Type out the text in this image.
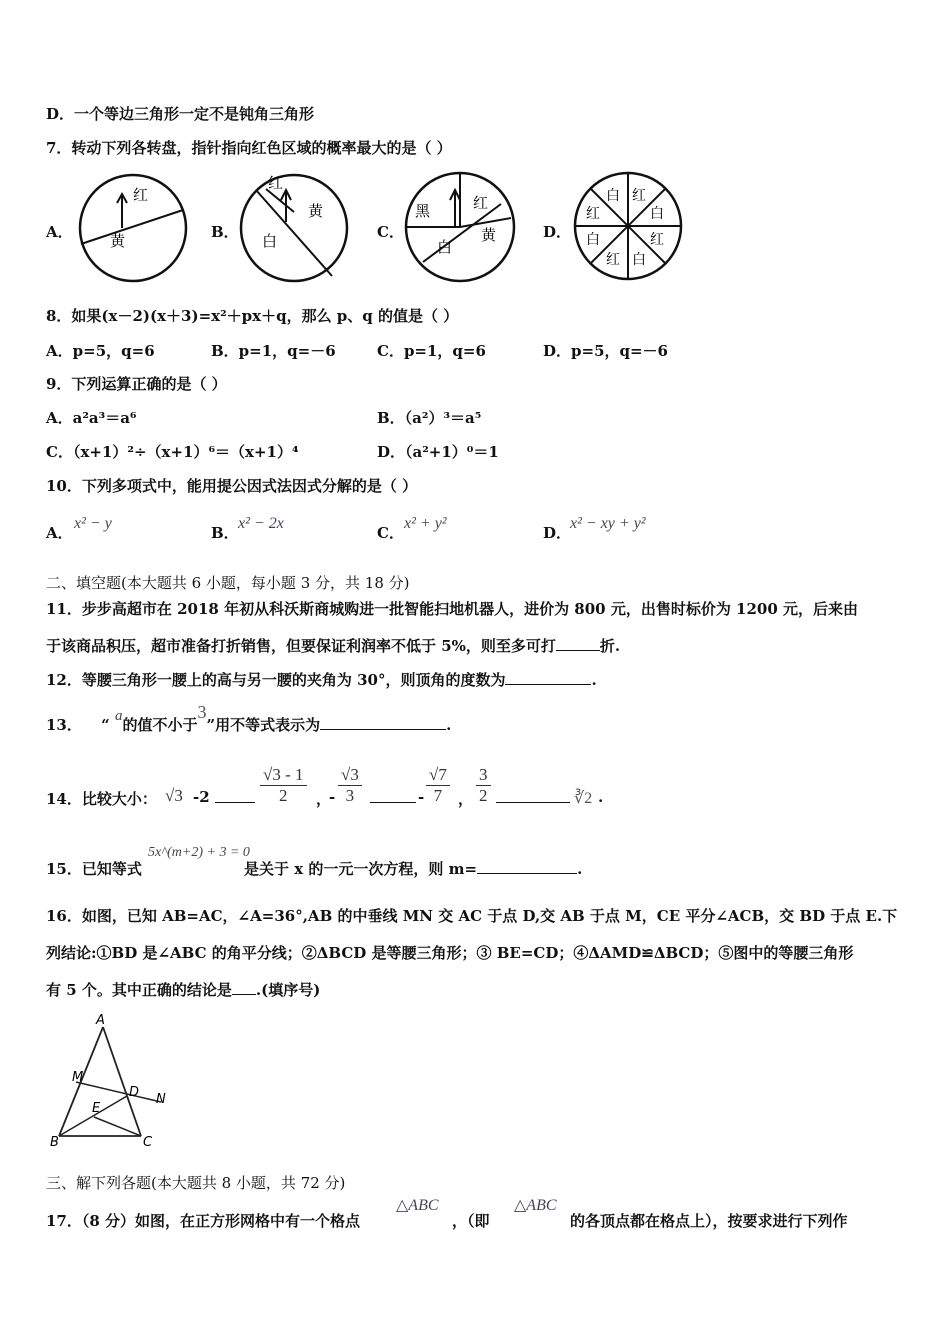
D．一个等边三角形一定不是钝角三角形
7．转动下列各转盘，指针指向红色区域的概率最大的是（ ）
A．
红
黄	B．
红
黄
白	C．
黑	红
黄
白
D．
白 红
白
红
白
红
白
红
8．如果(x－2)(x＋3)=x²＋px＋q，那么 p、q 的值是（ ）
A．p=5，q=6	B．p=1，q=－6	C．p=1，q=6	D．p=5，q=－6
9．下列运算正确的是（ ）
A．a²a³＝a⁶	B．（a²）³＝a⁵
C．（x+1）²÷（x+1）⁶＝（x+1）⁴	D．（a²+1）⁰＝1
10．下列多项式中，能用提公因式法因式分解的是（ ）
A．
x² − y
B．
x² − 2x
C．
x² + y²
D．
x² − xy + y²
二、填空题(本大题共 6 小题，每小题 3 分，共 18 分)
11．步步高超市在 2018 年初从科沃斯商城购进一批智能扫地机器人，进价为 800 元，出售时标价为 1200 元，后来由
于该商品积压，超市准备打折销售，但要保证利润率不低于 5%，则至多可打	折.
12．等腰三角形一腰上的高与另一腰的夹角为 30°，则顶角的度数为	.
13． “ a的值不小于3”用不等式表示为	.
14．比较大小： √3 -2	$\frac{√3 - 1}{2}$ ，
- $\frac{√3}{3}$	- $\frac{√7}{7}$ ， $\frac{3}{2}$	∛2 .
15．已知等式
5x^(m+2) + 3 = 0
是关于 x 的一元一次方程，则 m=	.
16．如图，已知 AB=AC，∠A=36°,AB 的中垂线 MN 交 AC 于点 D,交 AB 于点 M，CE 平分∠ACB，交 BD 于点 E.下
列结论:①BD 是∠ABC 的角平分线；②ΔBCD 是等腰三角形；③ BE=CD；④ΔAMD≌ΔBCD；⑤图中的等腰三角形
有 5 个。其中正确的结论是 .(填序号)
A
M
D N
E
B	C
三、解下列各题(本大题共 8 小题，共 72 分)
17．（8 分）如图，在正方形网格中有一个格点
△ABC
，（即
△ABC
的各顶点都在格点上），按要求进行下列作
